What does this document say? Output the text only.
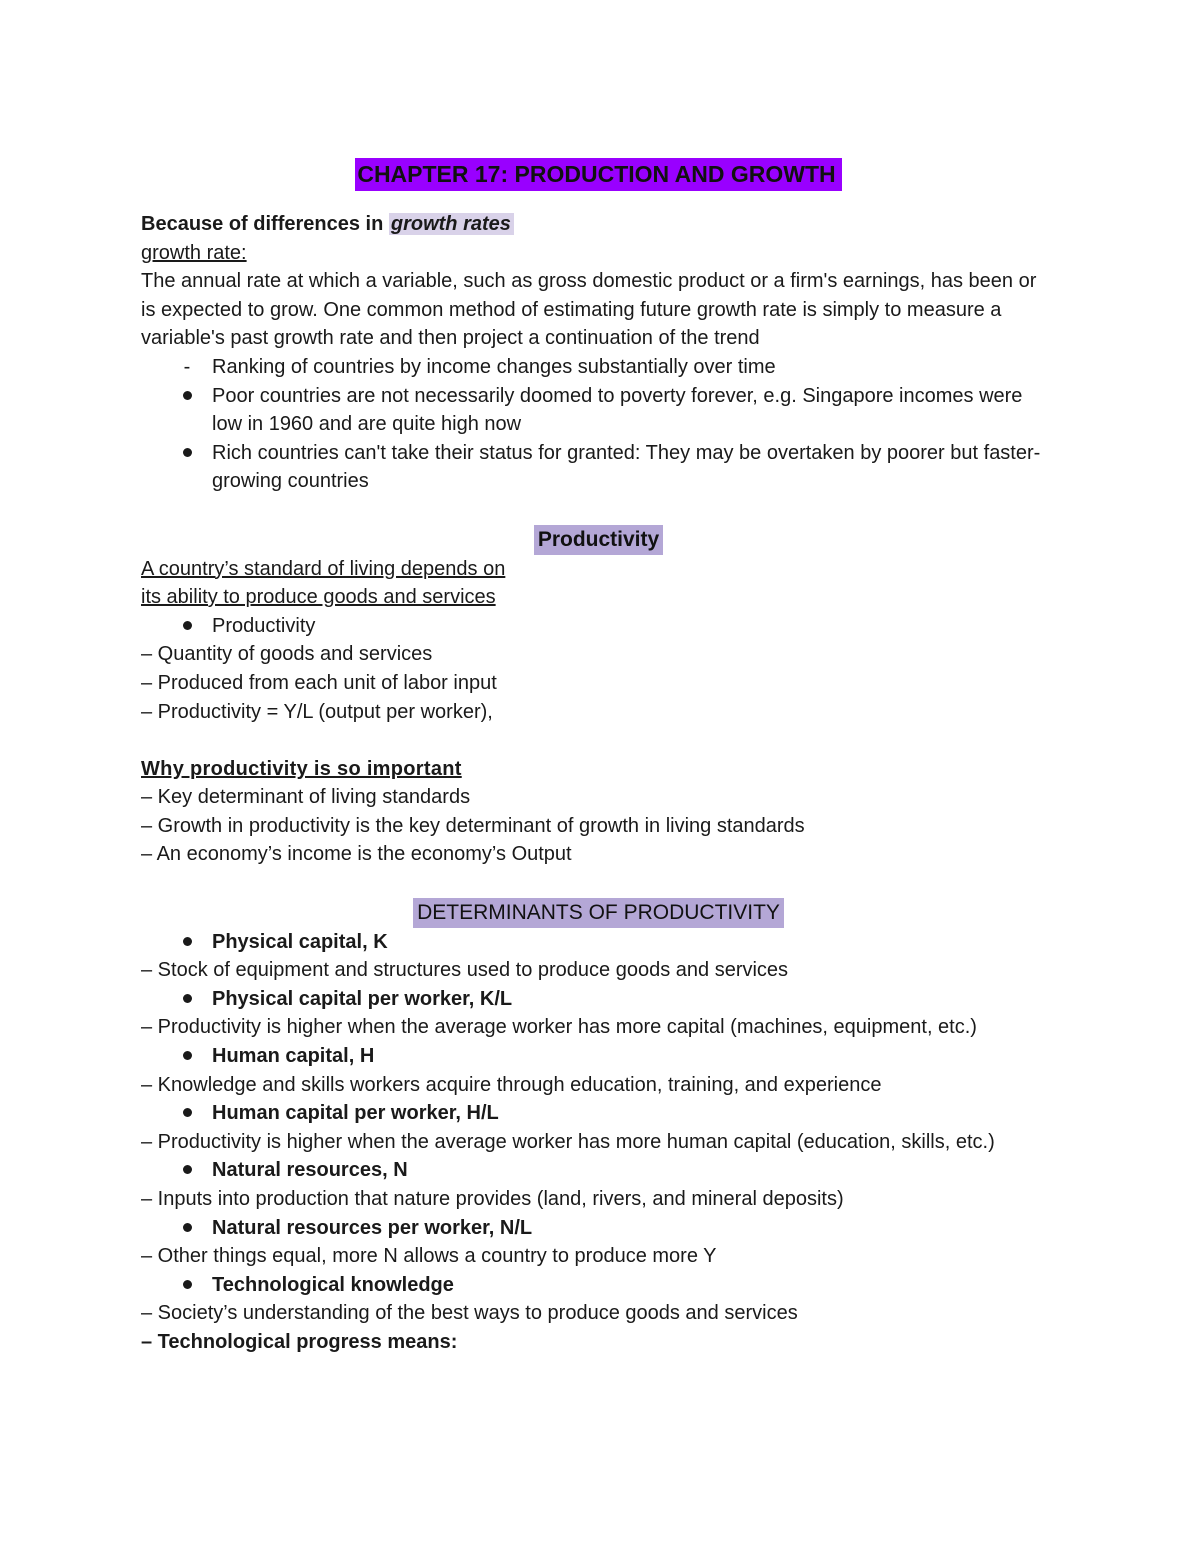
CHAPTER 17: PRODUCTION AND GROWTH

Because of differences in growth rates

growth rate:

The annual rate at which a variable, such as gross domestic product or a firm's earnings, has been or is expected to grow. One common method of estimating future growth rate is simply to measure a variable's past growth rate and then project a continuation of the trend

-	Ranking of countries by income changes substantially over time
Poor countries are not necessarily doomed to poverty forever, e.g. Singapore incomes were low in 1960 and are quite high now
Rich countries can't take their status for granted: They may be overtaken by poorer but faster-growing countries

Productivity

A country’s standard of living depends on

its ability to produce goods and services

Productivity

– Quantity of goods and services

– Produced from each unit of labor input

– Productivity = Y/L (output per worker),

Why productivity is so important

– Key determinant of living standards

– Growth in productivity is the key determinant of growth in living standards

– An economy’s income is the economy’s Output

DETERMINANTS OF PRODUCTIVITY

Physical capital, K

– Stock of equipment and structures used to produce goods and services

Physical capital per worker, K/L

– Productivity is higher when the average worker has more capital (machines, equipment, etc.)

Human capital, H

– Knowledge and skills workers acquire through education, training, and experience

Human capital per worker, H/L

– Productivity is higher when the average worker has more human capital (education, skills, etc.)

Natural resources, N

– Inputs into production that nature provides (land, rivers, and mineral deposits)

Natural resources per worker, N/L

– Other things equal, more N allows a country to produce more Y

Technological knowledge

– Society’s understanding of the best ways to produce goods and services

– Technological progress means:
